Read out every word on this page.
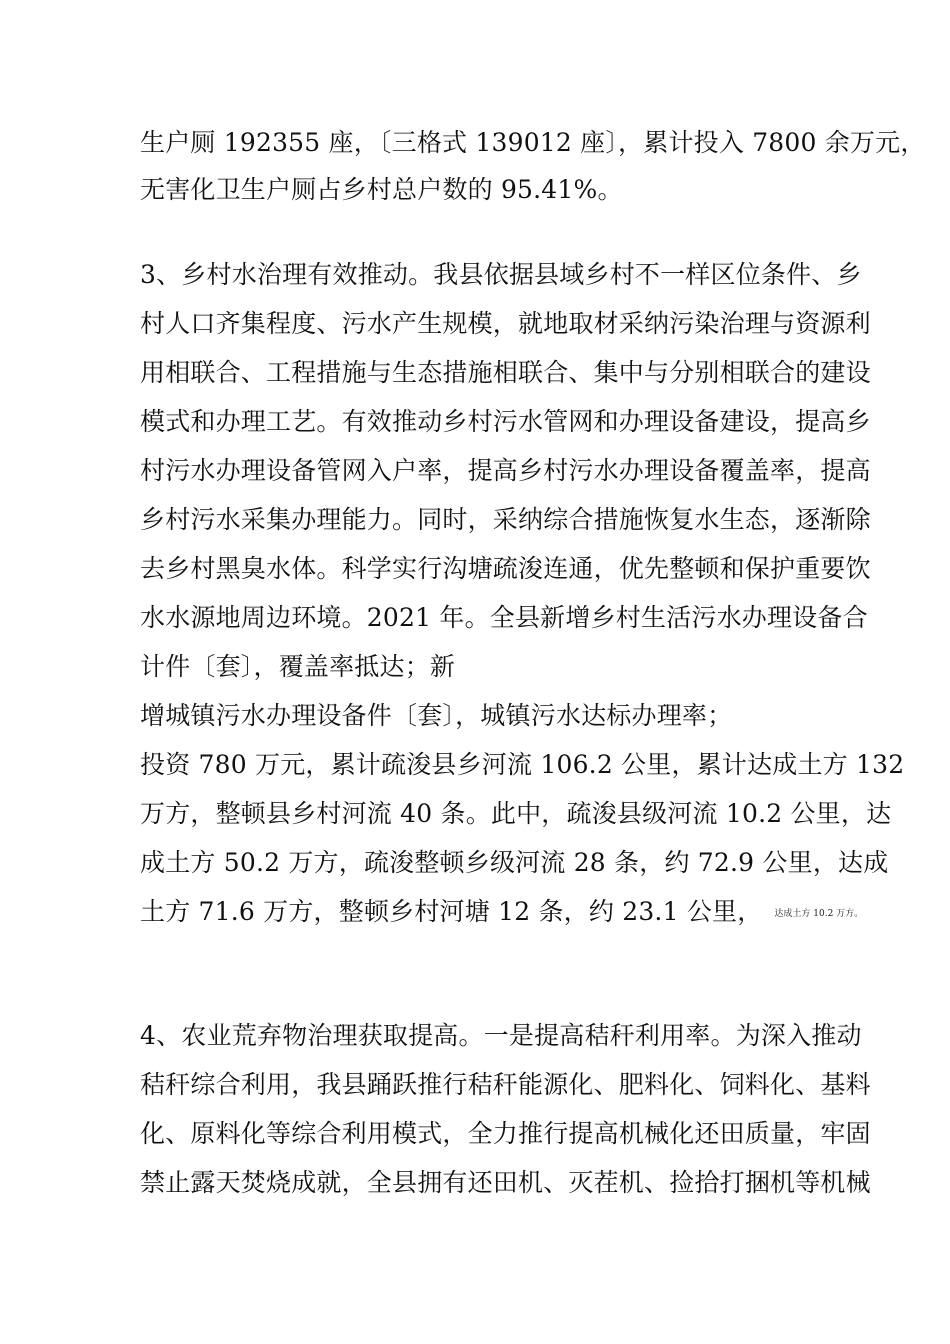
生户厕 192355 座，〔三格式 139012 座〕，累计投入 7800 余万元，
无害化卫生户厕占乡村总户数的 95.41%。
3、乡村水治理有效推动。我县依据县域乡村不一样区位条件、乡
村人口齐集程度、污水产生规模，就地取材采纳污染治理与资源利
用相联合、工程措施与生态措施相联合、集中与分别相联合的建设
模式和办理工艺。有效推动乡村污水管网和办理设备建设，提高乡
村污水办理设备管网入户率，提高乡村污水办理设备覆盖率，提高
乡村污水采集办理能力。同时，采纳综合措施恢复水生态，逐渐除
去乡村黑臭水体。科学实行沟塘疏浚连通，优先整顿和保护重要饮
水水源地周边环境。2021 年。全县新增乡村生活污水办理设备合
计件〔套〕，覆盖率抵达；新
增城镇污水办理设备件〔套〕，城镇污水达标办理率；
投资 780 万元，累计疏浚县乡河流 106.2 公里，累计达成土方 132
万方，整顿县乡村河流 40 条。此中，疏浚县级河流 10.2 公里，达
成土方 50.2 万方，疏浚整顿乡级河流 28 条，约 72.9 公里，达成
土方 71.6 万方，整顿乡村河塘 12 条，约 23.1 公里， 达成土方 10.2 万方。
4、农业荒弃物治理获取提高。一是提高秸秆利用率。为深入推动
秸秆综合利用，我县踊跃推行秸秆能源化、肥料化、饲料化、基料
化、原料化等综合利用模式，全力推行提高机械化还田质量，牢固
禁止露天焚烧成就，全县拥有还田机、灭茬机、捡拾打捆机等机械
